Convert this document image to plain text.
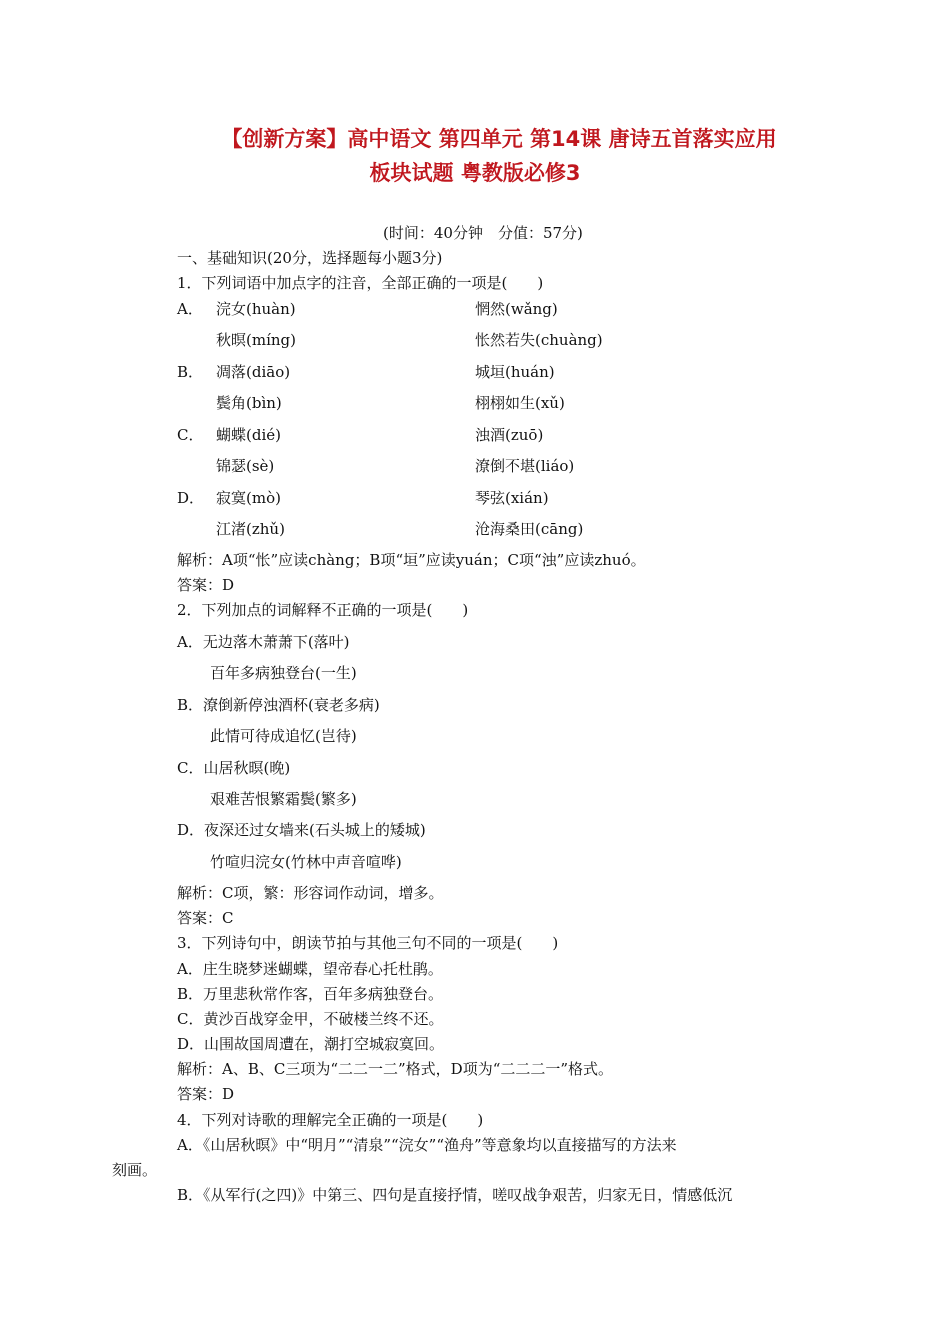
【创新方案】高中语文 第四单元 第14课 唐诗五首落实应用
板块试题 粤教版必修3
(时间：40分钟　分值：57分)
一、基础知识(20分，选择题每小题3分)
1．下列词语中加点字的注音，全部正确的一项是(　　)
A． 浣女(huàn)	惘然(wǎng)
秋暝(míng)	怅然若失(chuàng)
B． 凋落(diāo)	城垣(huán)
鬓角(bìn)	栩栩如生(xǔ)
C． 蝴蝶(dié)	浊酒(zuō)
锦瑟(sè)	潦倒不堪(liáo)
D． 寂寞(mò)	琴弦(xián)
江渚(zhǔ)	沧海桑田(cāng)
解析：A项“怅”应读chàng；B项“垣”应读yuán；C项“浊”应读zhuó。
答案：D
2．下列加点的词解释不正确的一项是(　　)
A．无边落木萧萧下(落叶)
百年多病独登台(一生)
B．潦倒新停浊酒杯(衰老多病)
此情可待成追忆(岂待)
C．山居秋暝(晚)
艰难苦恨繁霜鬓(繁多)
D．夜深还过女墙来(石头城上的矮城)
竹喧归浣女(竹林中声音喧哗)
解析：C项，繁：形容词作动词，增多。
答案：C
3．下列诗句中，朗读节拍与其他三句不同的一项是(　　)
A．庄生晓梦迷蝴蝶，望帝春心托杜鹃。
B．万里悲秋常作客，百年多病独登台。
C．黄沙百战穿金甲，不破楼兰终不还。
D．山围故国周遭在，潮打空城寂寞回。
解析：A、B、C三项为“二二一二”格式，D项为“二二二一”格式。
答案：D
4．下列对诗歌的理解完全正确的一项是(　　)
A．《山居秋暝》中“明月”“清泉”“浣女”“渔舟”等意象均以直接描写的方法来
刻画。
B．《从军行(之四)》中第三、四句是直接抒情，嗟叹战争艰苦，归家无日，情感低沉
